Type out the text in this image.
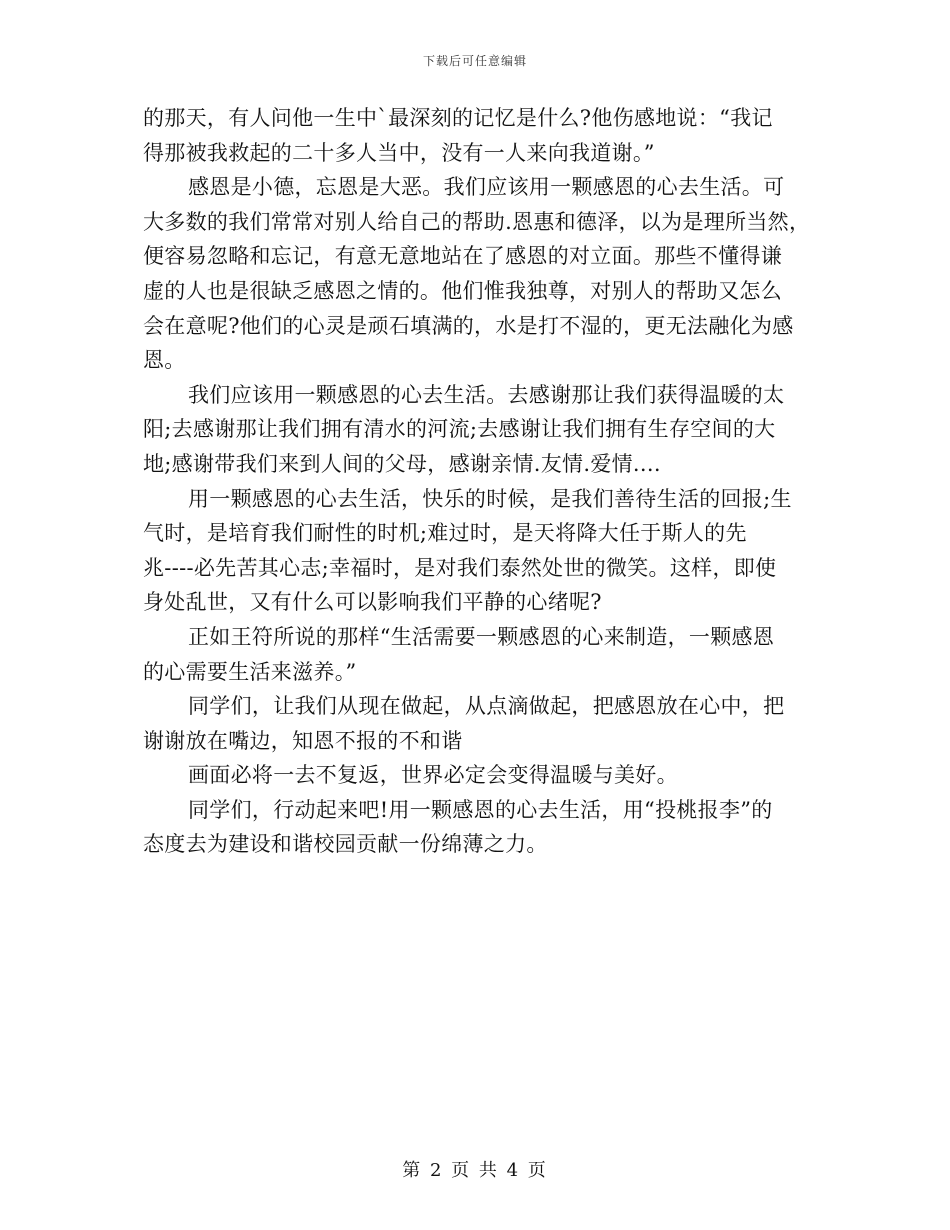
下载后可任意编辑
的那天，有人问他一生中`最深刻的记忆是什么?他伤感地说：“我记
得那被我救起的二十多人当中，没有一人来向我道谢。”
感恩是小德，忘恩是大恶。我们应该用一颗感恩的心去生活。可
大多数的我们常常对别人给自己的帮助.恩惠和德泽，以为是理所当然，
便容易忽略和忘记，有意无意地站在了感恩的对立面。那些不懂得谦
虚的人也是很缺乏感恩之情的。他们惟我独尊，对别人的帮助又怎么
会在意呢?他们的心灵是顽石填满的，水是打不湿的，更无法融化为感
恩。
我们应该用一颗感恩的心去生活。去感谢那让我们获得温暖的太
阳;去感谢那让我们拥有清水的河流;去感谢让我们拥有生存空间的大
地;感谢带我们来到人间的父母，感谢亲情.友情.爱情....
用一颗感恩的心去生活，快乐的时候，是我们善待生活的回报;生
气时，是培育我们耐性的时机;难过时，是天将降大任于斯人的先
兆----必先苦其心志;幸福时，是对我们泰然处世的微笑。这样，即使
身处乱世，又有什么可以影响我们平静的心绪呢?
正如王符所说的那样“生活需要一颗感恩的心来制造，一颗感恩
的心需要生活来滋养。”
同学们，让我们从现在做起，从点滴做起，把感恩放在心中，把
谢谢放在嘴边，知恩不报的不和谐
画面必将一去不复返，世界必定会变得温暖与美好。
同学们，行动起来吧!用一颗感恩的心去生活，用“投桃报李”的
态度去为建设和谐校园贡献一份绵薄之力。
第 2 页 共 4 页
